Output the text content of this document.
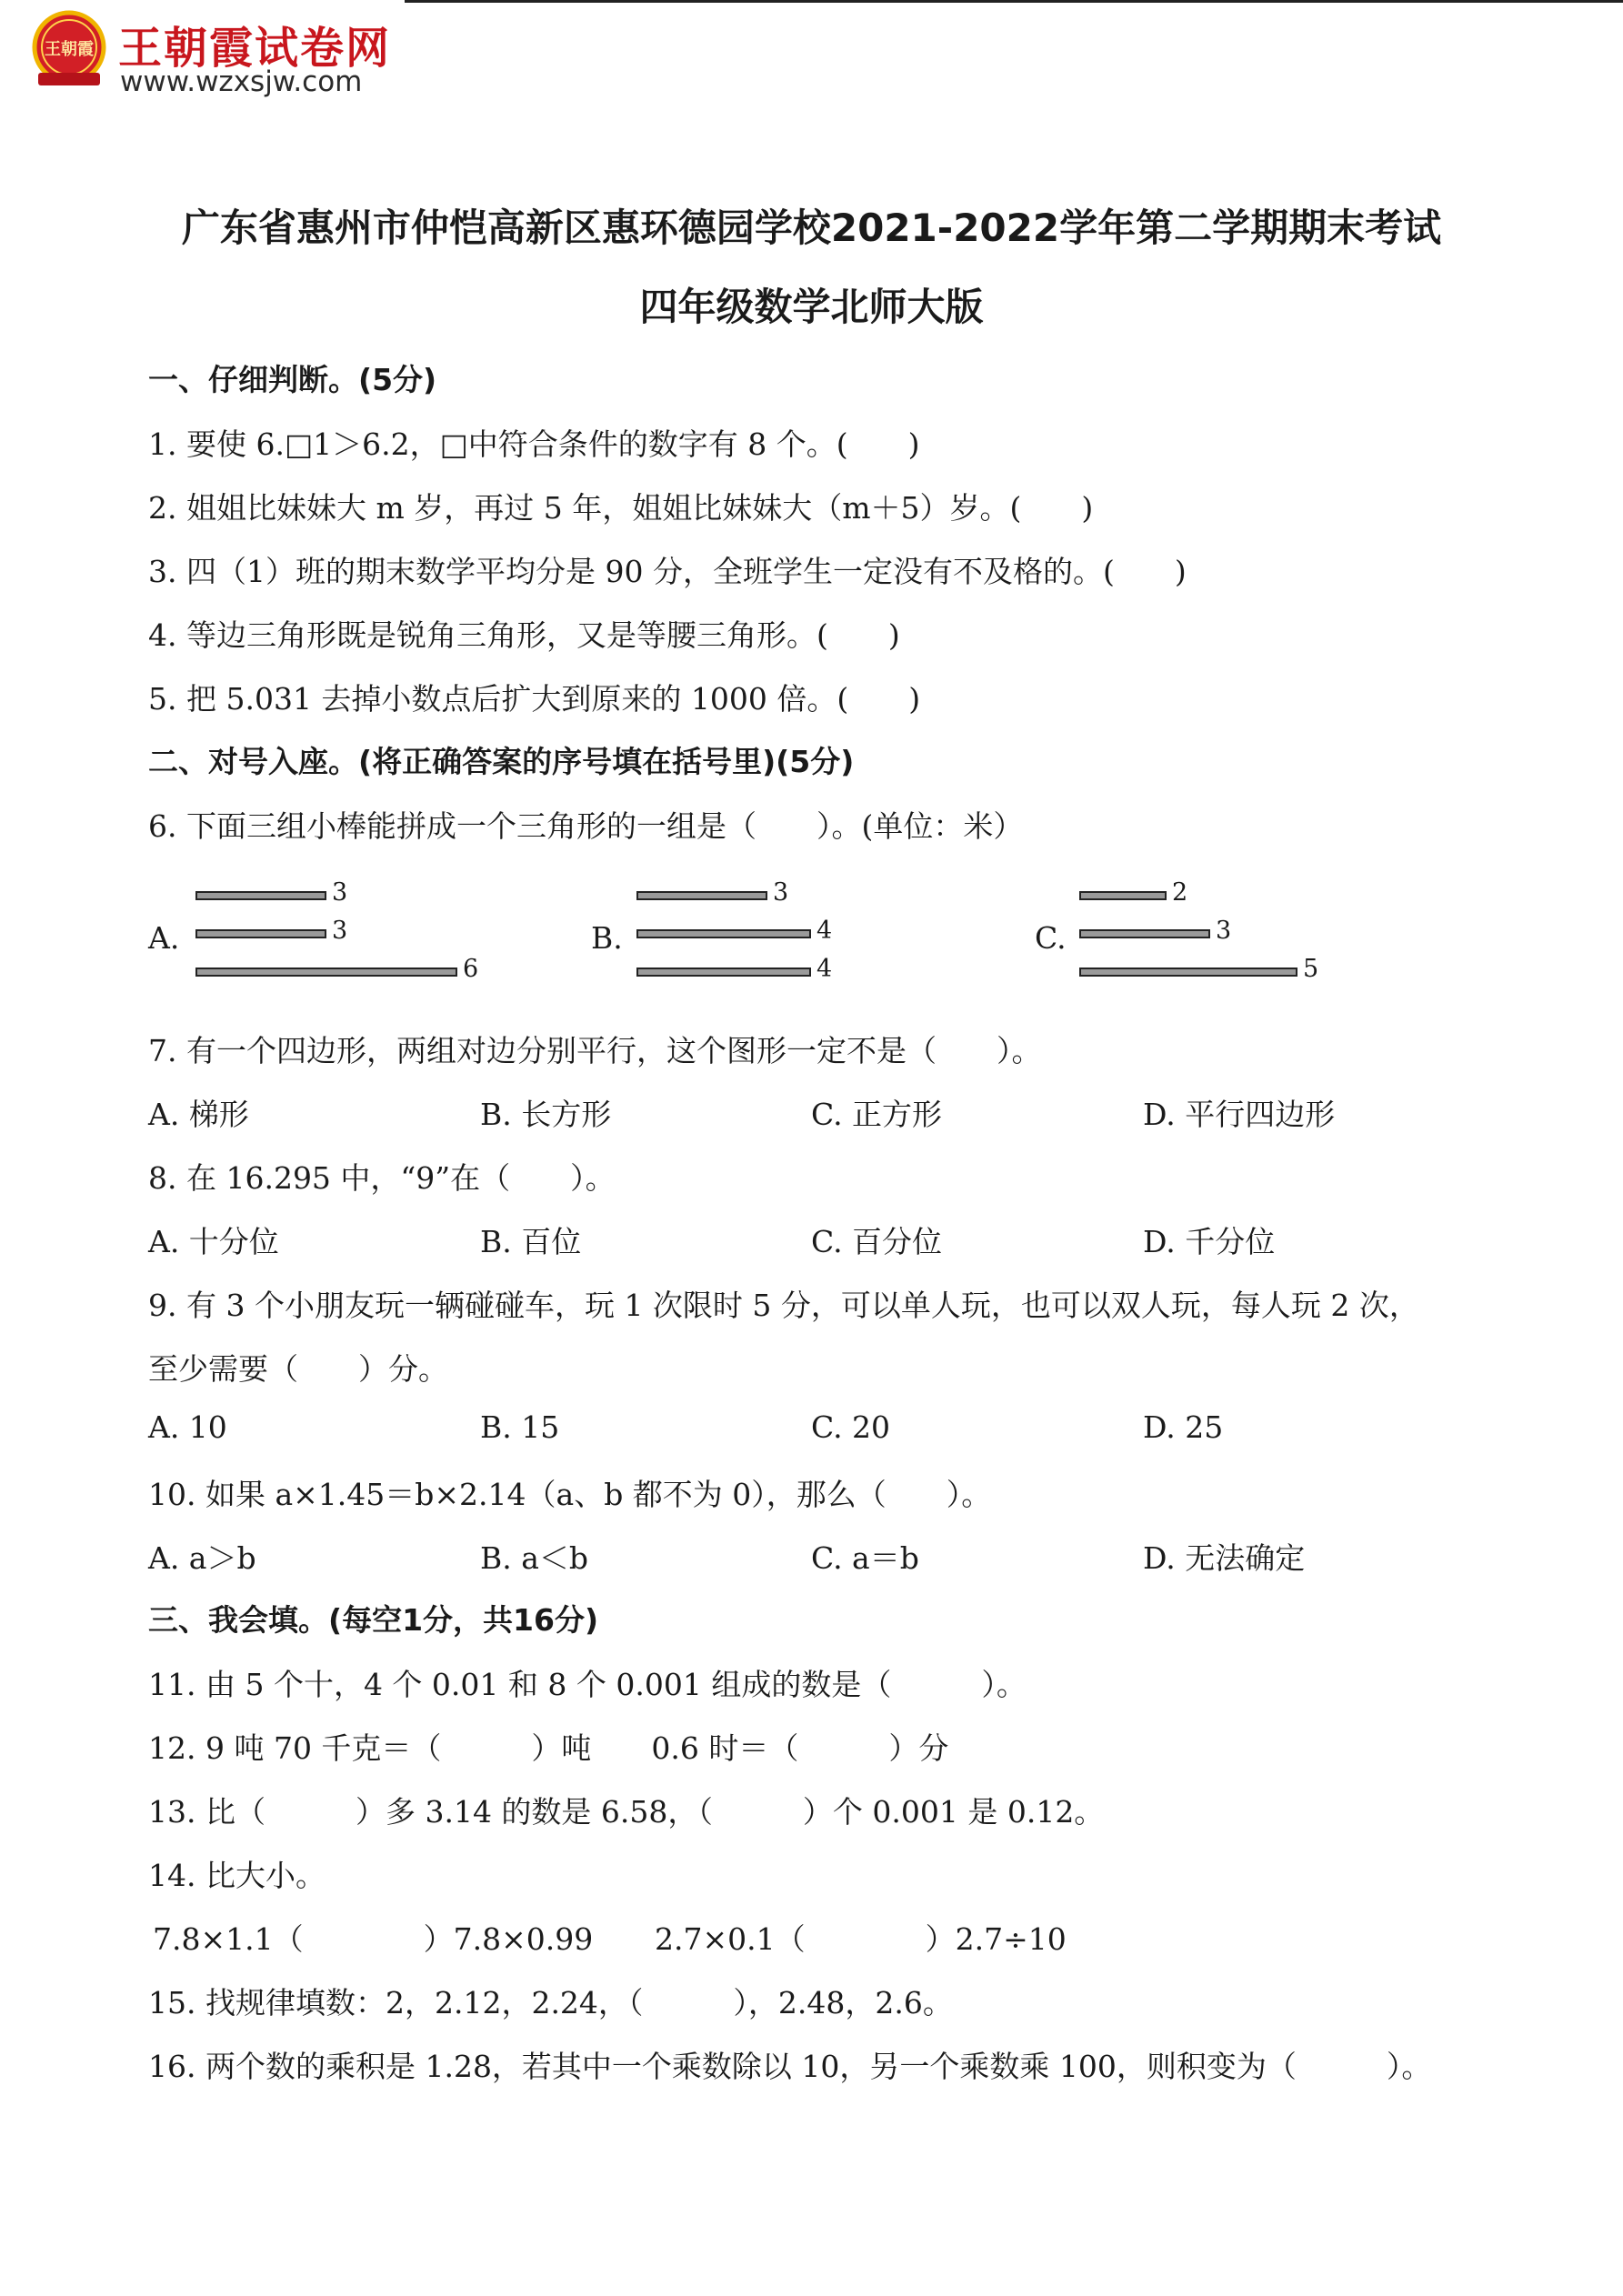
王朝霞 王朝霞试卷网
www.wzxsjw.com
广东省惠州市仲恺高新区惠环德园学校2021-2022学年第二学期期末考试
四年级数学北师大版
一、仔细判断。(5分)
1. 要使 6.□1＞6.2，□中符合条件的数字有 8 个。(　　)
2. 姐姐比妹妹大 m 岁，再过 5 年，姐姐比妹妹大（m＋5）岁。(　　)
3. 四（1）班的期末数学平均分是 90 分，全班学生一定没有不及格的。(　　)
4. 等边三角形既是锐角三角形，又是等腰三角形。(　　)
5. 把 5.031 去掉小数点后扩大到原来的 1000 倍。(　　)
二、对号入座。(将正确答案的序号填在括号里)(5分)
6. 下面三组小棒能拼成一个三角形的一组是（　　）。(单位：米）
A.
3
3
6
B.
3
4
4
C.
2
3
5
7. 有一个四边形，两组对边分别平行，这个图形一定不是（　　）。
A. 梯形	B. 长方形	C. 正方形	D. 平行四边形
8. 在 16.295 中，“9”在（　　）。
A. 十分位	B. 百位	C. 百分位	D. 千分位
9. 有 3 个小朋友玩一辆碰碰车，玩 1 次限时 5 分，可以单人玩，也可以双人玩，每人玩 2 次，
至少需要（　　）分。
A. 10	B. 15	C. 20	D. 25
10. 如果 a×1.45＝b×2.14（a、b 都不为 0），那么（　　）。
A. a＞b	B. a＜b	C. a＝b	D. 无法确定
三、我会填。(每空1分，共16分)
11. 由 5 个十，4 个 0.01 和 8 个 0.001 组成的数是（　　　）。
12. 9 吨 70 千克＝（　　　）吨　　0.6 时＝（　　　）分
13. 比（　　　）多 3.14 的数是 6.58，（　　　）个 0.001 是 0.12。
14. 比大小。
7.8×1.1（　　　　）7.8×0.99 2.7×0.1（　　　　）2.7÷10
15. 找规律填数：2，2.12，2.24，（　　　），2.48，2.6。
16. 两个数的乘积是 1.28，若其中一个乘数除以 10，另一个乘数乘 100，则积变为（　　　）。
